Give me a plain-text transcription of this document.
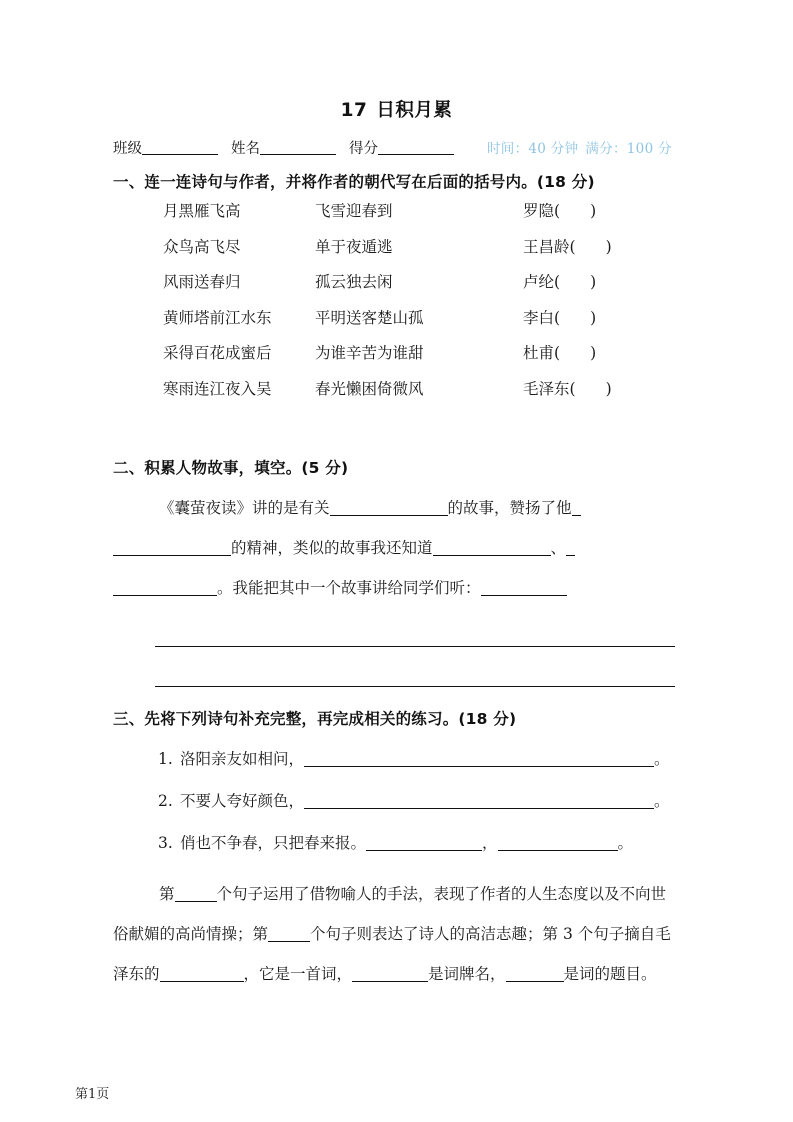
17 日积月累
班级	姓名	得分	时间：40 分钟 满分：100 分
一、连一连诗句与作者，并将作者的朝代写在后面的括号内。(18 分)
月黑雁飞高	飞雪迎春到	罗隐( )
众鸟高飞尽	单于夜遁逃	王昌龄( )
风雨送春归	孤云独去闲	卢纶( )
黄师塔前江水东	平明送客楚山孤	李白( )
采得百花成蜜后	为谁辛苦为谁甜	杜甫( )
寒雨连江夜入吴	春光懒困倚微风	毛泽东( )
二、积累人物故事，填空。(5 分)
《囊萤夜读》讲的是有关	的故事，赞扬了他的精神，类似的故事我还知道	、。我能把其中一个故事讲给同学们听：
三、先将下列诗句补充完整，再完成相关的练习。(18 分)
1. 洛阳亲友如相问，	。
2. 不要人夸好颜色，	。
3. 俏也不争春，只把春来报。	，	。
第	个句子运用了借物喻人的手法，表现了作者的人生态度以及不向世俗献媚的高尚情操；第	个句子则表达了诗人的高洁志趣；第 3 个句子摘自毛泽东的	，它是一首词，	是词牌名，	是词的题目。
第1页
